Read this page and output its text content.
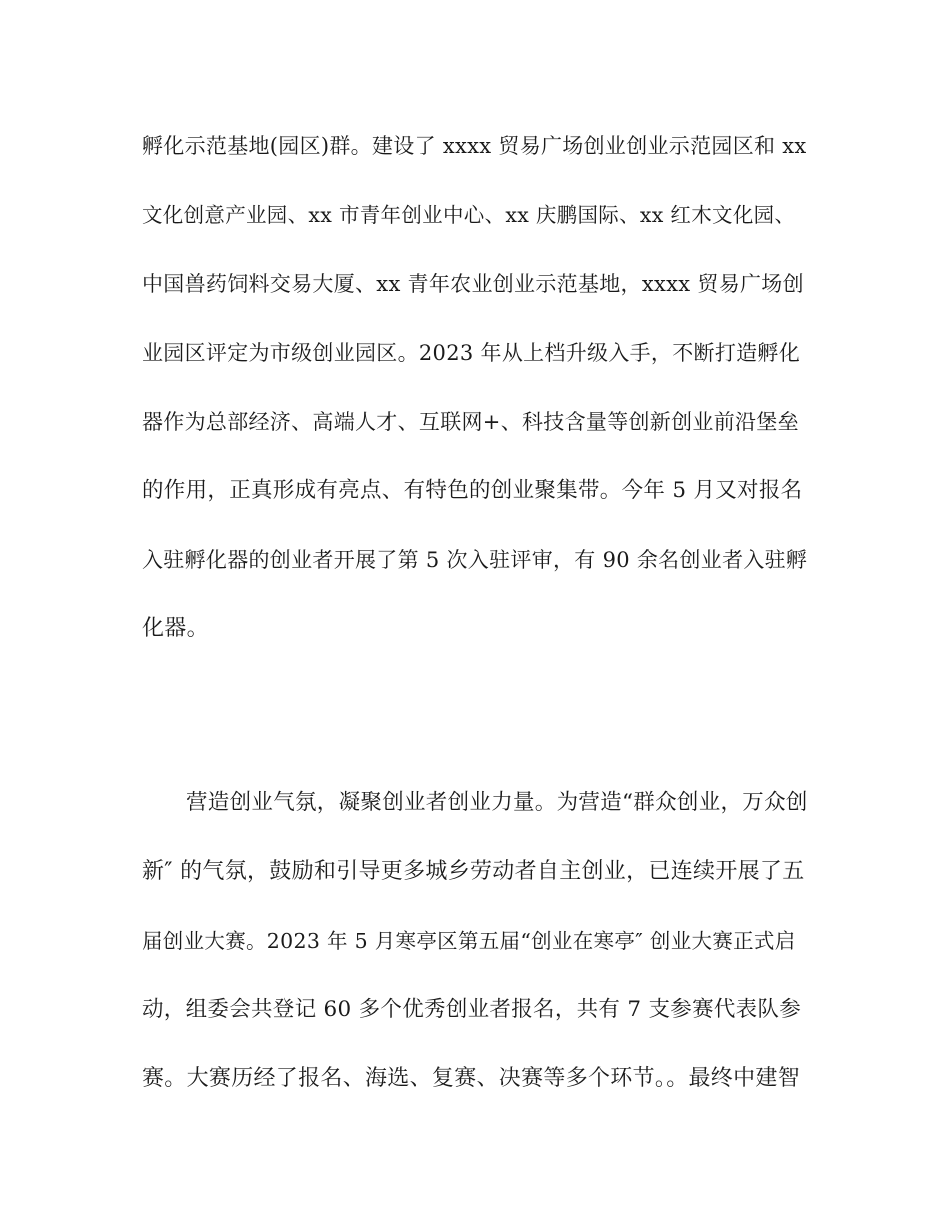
孵化示范基地(园区)群。建设了 xxxx 贸易广场创业创业示范园区和 xx
文化创意产业园、xx 市青年创业中心、xx 庆鹏国际、xx 红木文化园、
中国兽药饲料交易大厦、xx 青年农业创业示范基地，xxxx 贸易广场创
业园区评定为市级创业园区。2023 年从上档升级入手，不断打造孵化
器作为总部经济、高端人才、互联网+、科技含量等创新创业前沿堡垒
的作用，正真形成有亮点、有特色的创业聚集带。今年 5 月又对报名
入驻孵化器的创业者开展了第 5 次入驻评审，有 90 余名创业者入驻孵
化器。
营造创业气氛，凝聚创业者创业力量。为营造“群众创业，万众创
新″ 的气氛，鼓励和引导更多城乡劳动者自主创业，已连续开展了五
届创业大赛。2023 年 5 月寒亭区第五届“创业在寒亭″ 创业大赛正式启
动，组委会共登记 60 多个优秀创业者报名，共有 7 支参赛代表队参
赛。大赛历经了报名、海选、复赛、决赛等多个环节。。最终中建智
